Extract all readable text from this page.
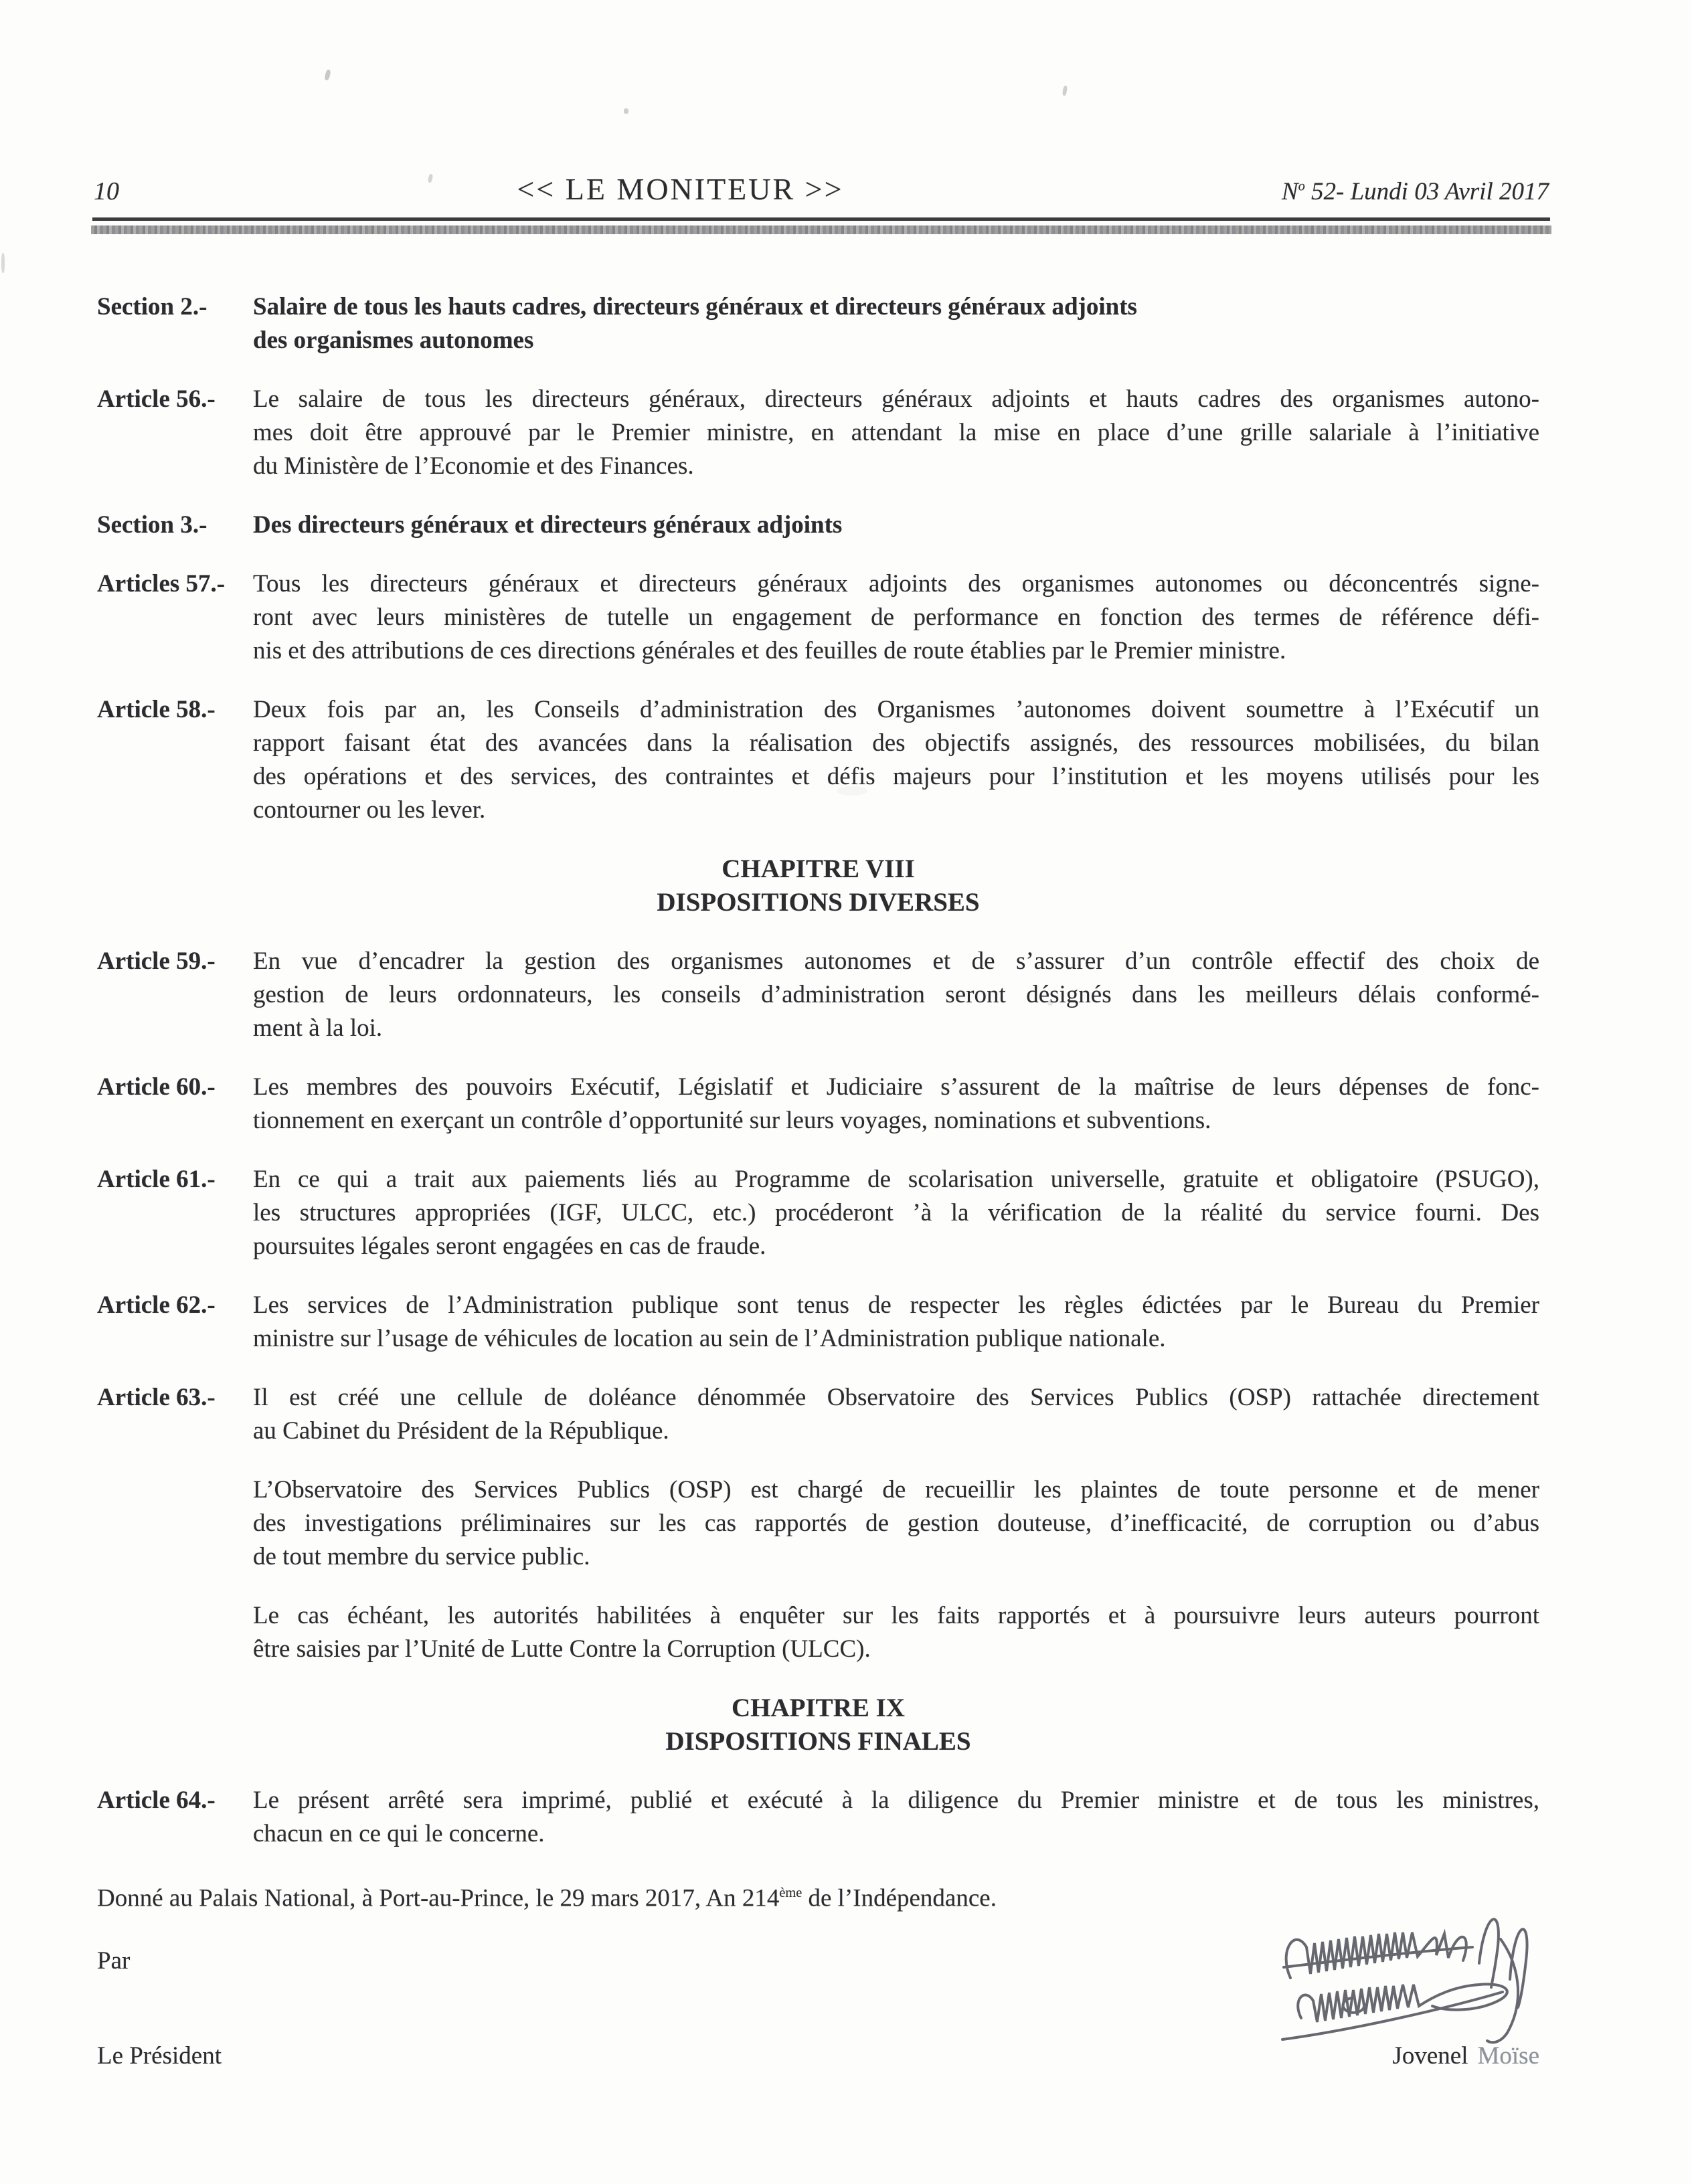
10	<< LE MONITEUR >>	$N^o$ 52- Lundi 03 Avril 2017
Section 2.-	Salaire de tous les hauts cadres, directeurs généraux et directeurs généraux adjoints
des organismes autonomes
Article 56.-	Le salaire de tous les directeurs généraux, directeurs généraux adjoints et hauts cadres des organismes autono-
mes doit être approuvé par le Premier ministre, en attendant la mise en place d’une grille salariale à l’initiative
du Ministère de l’Economie et des Finances.
Section 3.-	Des directeurs généraux et directeurs généraux adjoints
Articles 57.-	Tous les directeurs généraux et directeurs généraux adjoints des organismes autonomes ou déconcentrés signe-
ront avec leurs ministères de tutelle un engagement de performance en fonction des termes de référence défi-
nis et des attributions de ces directions générales et des feuilles de route établies par le Premier ministre.
Article 58.-	Deux fois par an, les Conseils d’administration des Organismes ’autonomes doivent soumettre à l’Exécutif un
rapport faisant état des avancées dans la réalisation des objectifs assignés, des ressources mobilisées, du bilan
des opérations et des services, des contraintes et défis majeurs pour l’institution et les moyens utilisés pour les
contourner ou les lever.
CHAPITRE VIII
DISPOSITIONS DIVERSES
Article 59.-	En vue d’encadrer la gestion des organismes autonomes et de s’assurer d’un contrôle effectif des choix de
gestion de leurs ordonnateurs, les conseils d’administration seront désignés dans les meilleurs délais conformé-
ment à la loi.
Article 60.-	Les membres des pouvoirs Exécutif, Législatif et Judiciaire s’assurent de la maîtrise de leurs dépenses de fonc-
tionnement en exerçant un contrôle d’opportunité sur leurs voyages, nominations et subventions.
Article 61.-	En ce qui a trait aux paiements liés au Programme de scolarisation universelle, gratuite et obligatoire (PSUGO),
les structures appropriées (IGF, ULCC, etc.) procéderont ’à la vérification de la réalité du service fourni. Des
poursuites légales seront engagées en cas de fraude.
Article 62.-	Les services de l’Administration publique sont tenus de respecter les règles édictées par le Bureau du Premier
ministre sur l’usage de véhicules de location au sein de l’Administration publique nationale.
Article 63.-	Il est créé une cellule de doléance dénommée Observatoire des Services Publics (OSP) rattachée directement
au Cabinet du Président de la République.
L’Observatoire des Services Publics (OSP) est chargé de recueillir les plaintes de toute personne et de mener
des investigations préliminaires sur les cas rapportés de gestion douteuse, d’inefficacité, de corruption ou d’abus
de tout membre du service public.
Le cas échéant, les autorités habilitées à enquêter sur les faits rapportés et à poursuivre leurs auteurs pourront
être saisies par l’Unité de Lutte Contre la Corruption (ULCC).
CHAPITRE IX
DISPOSITIONS FINALES
Article 64.-	Le présent arrêté sera imprimé, publié et exécuté à la diligence du Premier ministre et de tous les ministres,
chacun en ce qui le concerne.
Donné au Palais National, à Port-au-Prince, le 29 mars 2017, An 214ème de l’Indépendance.
Par
Le Président	Jovenel Moïse
